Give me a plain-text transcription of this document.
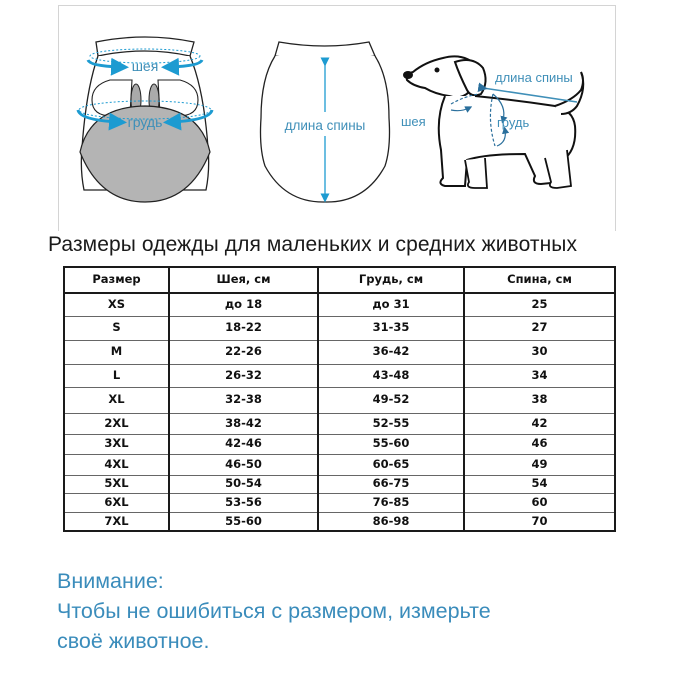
шея
грудь	длина спины
длина спины
шея	грудь
Размеры одежды для маленьких и средних животных
Размер	Шея, см	Грудь, см	Спина, см
XS	до 18	до 31	25
S	18-22	31-35	27
M	22-26	36-42	30
L	26-32	43-48	34
XL	32-38	49-52	38
2XL	38-42	52-55	42
3XL	42-46	55-60	46
4XL	46-50	60-65	49
5XL	50-54	66-75	54
6XL	53-56	76-85	60
7XL	55-60	86-98	70
Внимание:
Чтобы не ошибиться с размером, измерьте
своё животное.
